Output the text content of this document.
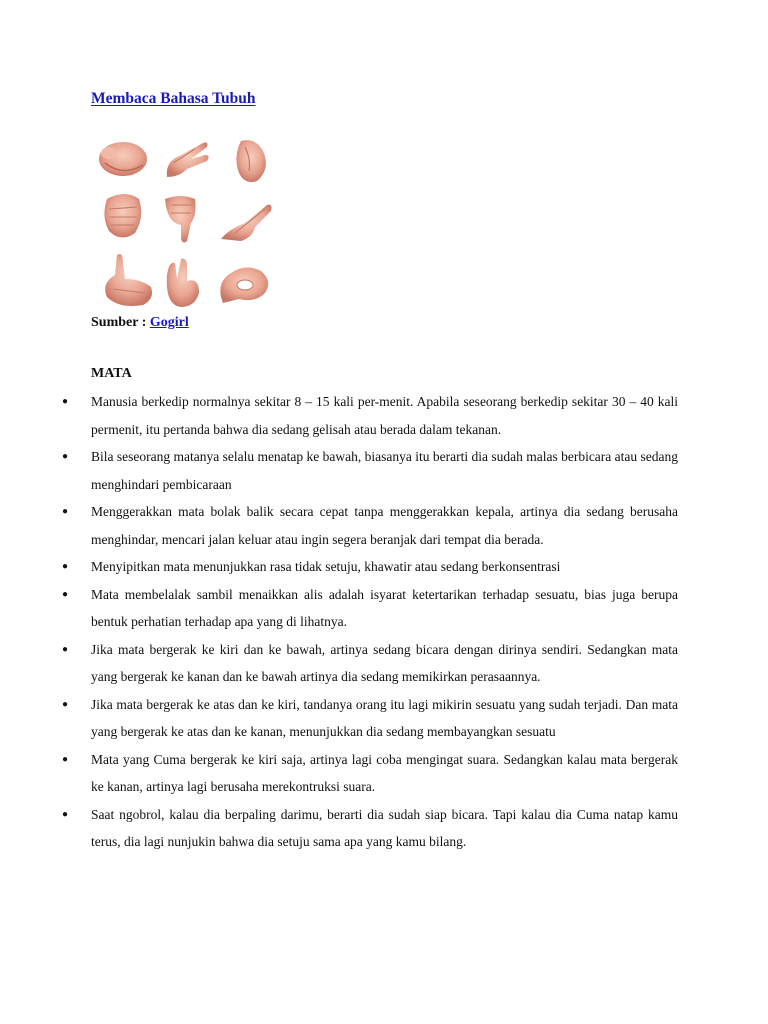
Membaca Bahasa Tubuh
Sumber : Gogirl
MATA
● Manusia berkedip normalnya sekitar 8 – 15 kali per-menit. Apabila seseorang berkedip sekitar 30 – 40 kali permenit, itu pertanda bahwa dia sedang gelisah atau berada dalam tekanan.
● Bila seseorang matanya selalu menatap ke bawah, biasanya itu berarti dia sudah malas berbicara atau sedang menghindari pembicaraan
● Menggerakkan mata bolak balik secara cepat tanpa menggerakkan kepala, artinya dia sedang berusaha menghindar, mencari jalan keluar atau ingin segera beranjak dari tempat dia berada.
● Menyipitkan mata menunjukkan rasa tidak setuju, khawatir atau sedang berkonsentrasi
● Mata membelalak sambil menaikkan alis adalah isyarat ketertarikan terhadap sesuatu, bias juga berupa bentuk perhatian terhadap apa yang di lihatnya.
● Jika mata bergerak ke kiri dan ke bawah, artinya sedang bicara dengan dirinya sendiri. Sedangkan mata yang bergerak ke kanan dan ke bawah artinya dia sedang memikirkan perasaannya.
● Jika mata bergerak ke atas dan ke kiri, tandanya orang itu lagi mikirin sesuatu yang sudah terjadi. Dan mata yang bergerak ke atas dan ke kanan, menunjukkan dia sedang membayangkan sesuatu
● Mata yang Cuma bergerak ke kiri saja, artinya lagi coba mengingat suara. Sedangkan kalau mata bergerak ke kanan, artinya lagi berusaha merekontruksi suara.
● Saat ngobrol, kalau dia berpaling darimu, berarti dia sudah siap bicara. Tapi kalau dia Cuma natap kamu terus, dia lagi nunjukin bahwa dia setuju sama apa yang kamu bilang.
